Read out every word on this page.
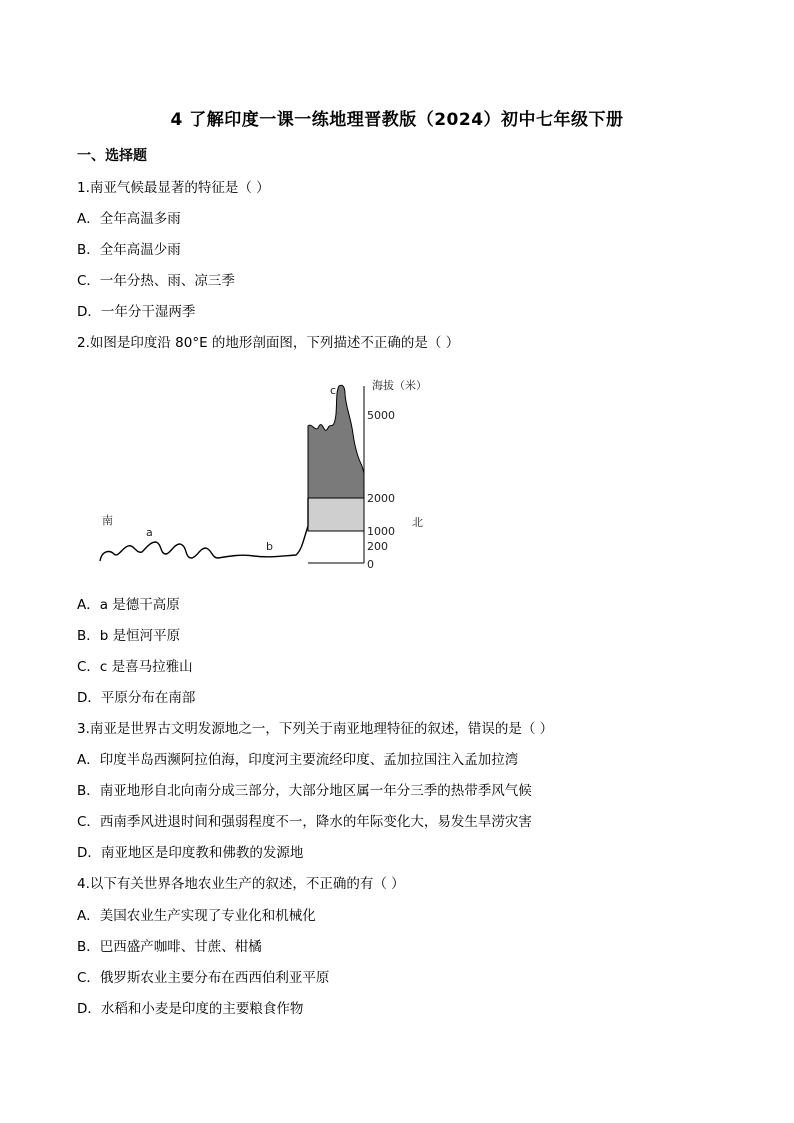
4 了解印度一课一练地理晋教版（2024）初中七年级下册
一、选择题
1.南亚气候最显著的特征是（ ）
A．全年高温多雨
B．全年高温少雨
C．一年分热、雨、凉三季
D．一年分干湿两季
2.如图是印度沿 80°E 的地形剖面图，下列描述不正确的是（ ）
海拔（米）
5000
2000
1000
200
0
南	北
a
b
c
A．a 是德干高原
B．b 是恒河平原
C．c 是喜马拉雅山
D．平原分布在南部
3.南亚是世界古文明发源地之一，下列关于南亚地理特征的叙述，错误的是（ ）
A．印度半岛西濒阿拉伯海，印度河主要流经印度、孟加拉国注入孟加拉湾
B．南亚地形自北向南分成三部分，大部分地区属一年分三季的热带季风气候
C．西南季风进退时间和强弱程度不一，降水的年际变化大，易发生旱涝灾害
D．南亚地区是印度教和佛教的发源地
4.以下有关世界各地农业生产的叙述，不正确的有（ ）
A．美国农业生产实现了专业化和机械化
B．巴西盛产咖啡、甘蔗、柑橘
C．俄罗斯农业主要分布在西西伯利亚平原
D．水稻和小麦是印度的主要粮食作物
